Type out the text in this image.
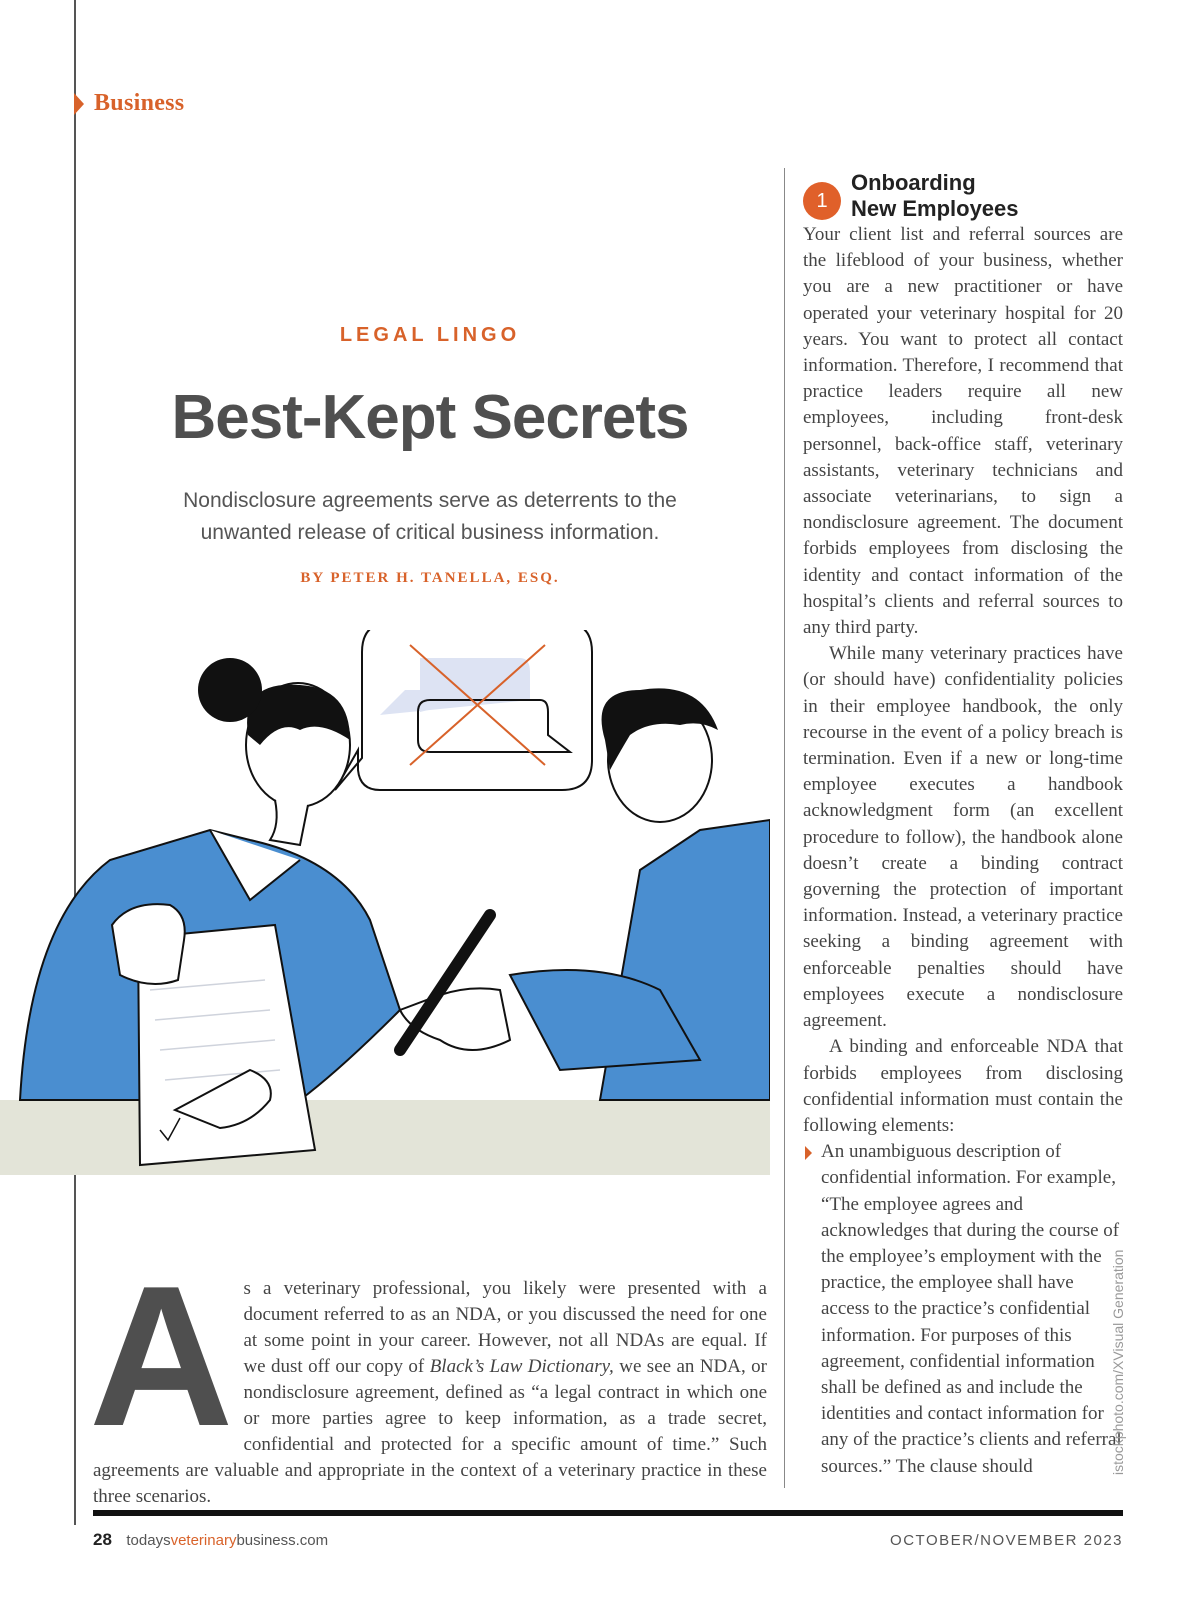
Business
LEGAL LINGO
Best-Kept Secrets
Nondisclosure agreements serve as deterrents to the unwanted release of critical business information.
BY PETER H. TANELLA, ESQ.
A s a veterinary professional, you likely were presented with a document referred to as an NDA, or you discussed the need for one at some point in your career. However, not all NDAs are equal. If we dust off our copy of Black’s Law Dictionary, we see an NDA, or nondisclosure agreement, defined as “a legal contract in which one or more parties agree to keep information, as a trade secret, confidential and protected for a specific amount of time.” Such agreements are valuable and appropriate in the context of a veterinary practice in these three scenarios.
1
Onboarding
New Employees

Your client list and referral sources are the lifeblood of your business, whether you are a new practitioner or have operated your veterinary hospital for 20 years. You want to protect all contact information. Therefore, I recommend that practice leaders require all new employees, including front-desk personnel, back-office staff, veterinary assistants, veterinary technicians and associate veterinarians, to sign a nondisclosure agreement. The document forbids employees from disclosing the identity and contact information of the hospital’s clients and referral sources to any third party.

While many veterinary practices have (or should have) confidentiality policies in their employee handbook, the only recourse in the event of a policy breach is termination. Even if a new or long-time employee executes a handbook acknowledgment form (an excellent procedure to follow), the handbook alone doesn’t create a binding contract governing the protection of important information. Instead, a veterinary practice seeking a binding agreement with enforceable penalties should have employees execute a nondisclosure agreement.

A binding and enforceable NDA that forbids employees from disclosing confidential information must contain the following elements:

An unambiguous description of confidential information. For example, “The employee agrees and acknowledges that during the course of the employee’s employment with the practice, the employee shall have access to the practice’s confidential information. For purposes of this agreement, confidential information shall be defined as and include the identities and contact information for any of the practice’s clients and referral sources.” The clause should	istockphoto.com/XVisual Generation
28 todaysveterinarybusiness.com	OCTOBER/NOVEMBER 2023
